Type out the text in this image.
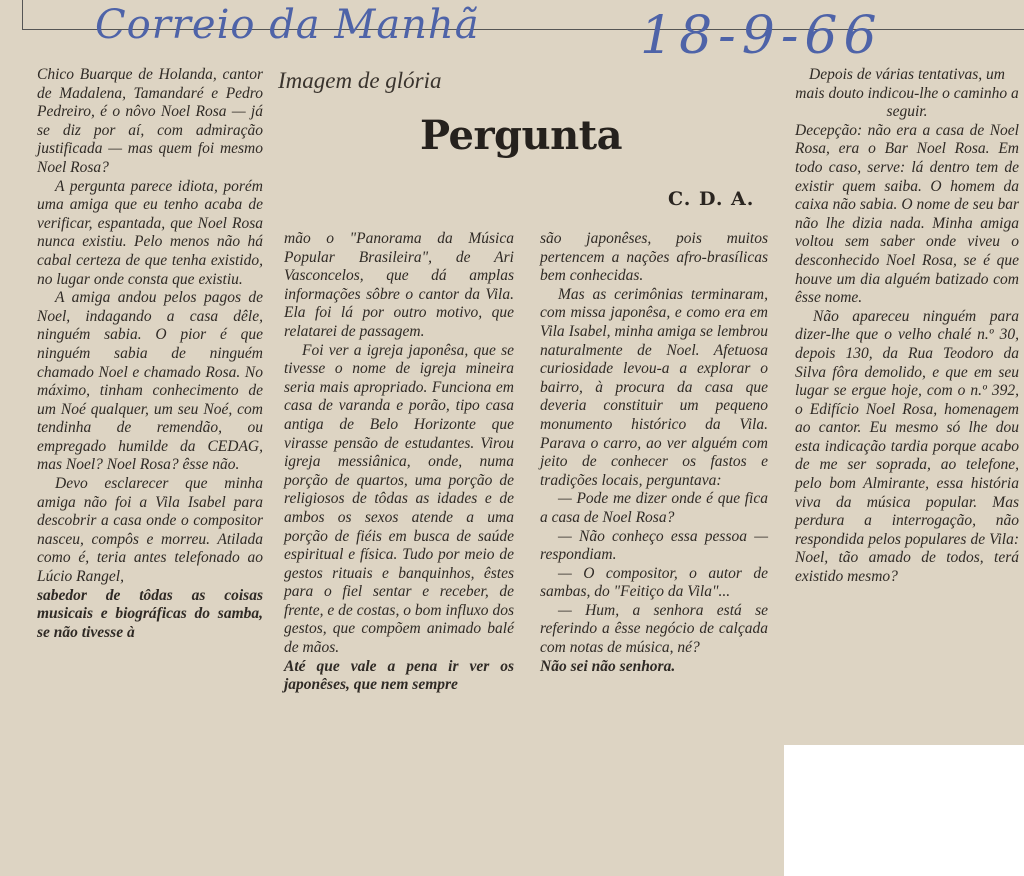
Correio da Manhã	18-9-66
Imagem de glória
Pergunta
C. D. A.

Chico Buarque de Holanda, cantor de Madalena, Tamandaré e Pedro Pedreiro, é o nôvo Noel Rosa — já se diz por aí, com admiração justificada — mas quem foi mesmo Noel Rosa?

A pergunta parece idiota, porém uma amiga que eu tenho acaba de verificar, espantada, que Noel Rosa nunca existiu. Pelo menos não há cabal certeza de que tenha existido, no lugar onde consta que existiu.

A amiga andou pelos pagos de Noel, indagando a casa dêle, ninguém sabia. O pior é que ninguém sabia de ninguém chamado Noel e chamado Rosa. No máximo, tinham conhecimento de um Noé qualquer, um seu Noé, com tendinha de remendão, ou empregado humilde da CEDAG, mas Noel? Noel Rosa? êsse não.

Devo esclarecer que minha amiga não foi a Vila Isabel para descobrir a casa onde o compositor nasceu, compôs e morreu. Atilada como é, teria antes telefonado ao Lúcio Rangel,

sabedor de tôdas as coisas musicais e biográficas do samba, se não tivesse à

mão o "Panorama da Música Popular Brasileira", de Ari Vasconcelos, que dá amplas informações sôbre o cantor da Vila. Ela foi lá por outro motivo, que relatarei de passagem.

Foi ver a igreja japonêsa, que se tivesse o nome de igreja mineira seria mais apropriado. Funciona em casa de varanda e porão, tipo casa antiga de Belo Horizonte que virasse pensão de estudantes. Virou igreja messiânica, onde, numa porção de quartos, uma porção de religiosos de tôdas as idades e de ambos os sexos atende a uma porção de fiéis em busca de saúde espiritual e física. Tudo por meio de gestos rituais e banquinhos, êstes para o fiel sentar e receber, de frente, e de costas, o bom influxo dos gestos, que compõem animado balé de mãos.

Até que vale a pena ir ver os japonêses, que nem sempre

são japonêses, pois muitos pertencem a nações afro-brasílicas bem conhecidas.

Mas as cerimônias terminaram, com missa japonêsa, e como era em Vila Isabel, minha amiga se lembrou naturalmente de Noel. Afetuosa curiosidade levou-a a explorar o bairro, à procura da casa que deveria constituir um pequeno monumento histórico da Vila. Parava o carro, ao ver alguém com jeito de conhecer os fastos e tradições locais, perguntava:

— Pode me dizer onde é que fica a casa de Noel Rosa?

— Não conheço essa pessoa — respondiam.

— O compositor, o autor de sambas, do "Feitiço da Vila"...

— Hum, a senhora está se referindo a êsse negócio de calçada com notas de música, né?

Não sei não senhora.

Depois de várias tentativas, um mais douto indicou-lhe o caminho a seguir.

Decepção: não era a casa de Noel Rosa, era o Bar Noel Rosa. Em todo caso, serve: lá dentro tem de existir quem saiba. O homem da caixa não sabia. O nome de seu bar não lhe dizia nada. Minha amiga voltou sem saber onde viveu o desconhecido Noel Rosa, se é que houve um dia alguém batizado com êsse nome.

Não apareceu ninguém para dizer-lhe que o velho chalé n.º 30, depois 130, da Rua Teodoro da Silva fôra demolido, e que em seu lugar se ergue hoje, com o n.º 392, o Edifício Noel Rosa, homenagem ao cantor. Eu mesmo só lhe dou esta indicação tardia porque acabo de me ser soprada, ao telefone, pelo bom Almirante, essa história viva da música popular. Mas perdura a interrogação, não respondida pelos populares de Vila: Noel, tão amado de todos, terá existido mesmo?
